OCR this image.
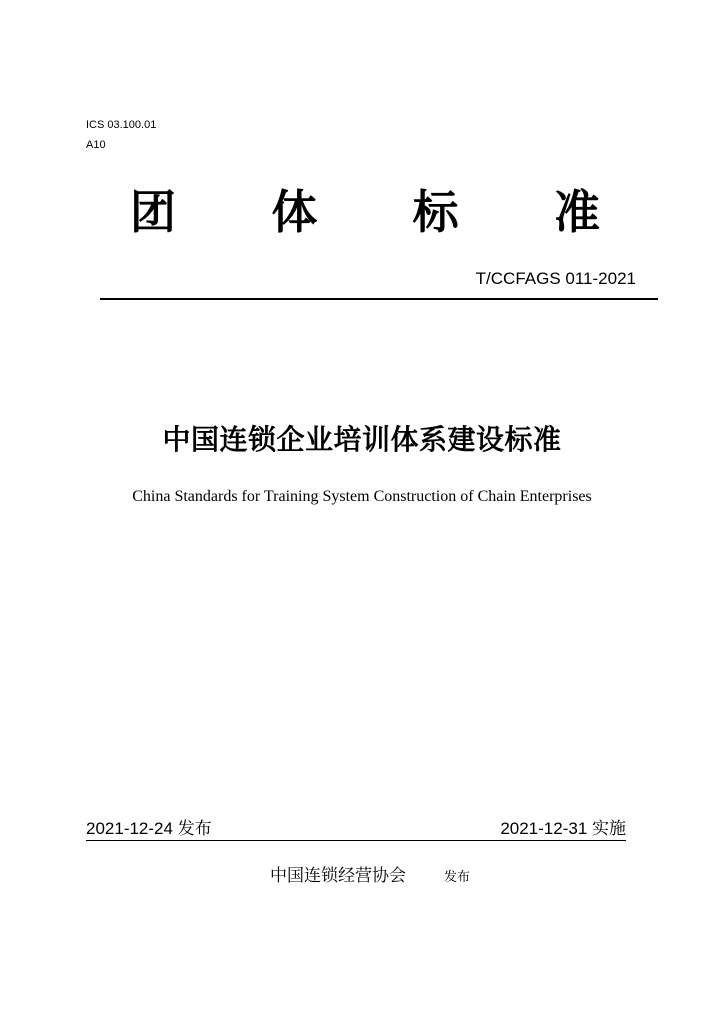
ICS 03.100.01
A10
团 体 标 准
T/CCFAGS 011-2021
中国连锁企业培训体系建设标准
China Standards for Training System Construction of Chain Enterprises
2021-12-24 发布	2021-12-31 实施
中国连锁经营协会	发布
